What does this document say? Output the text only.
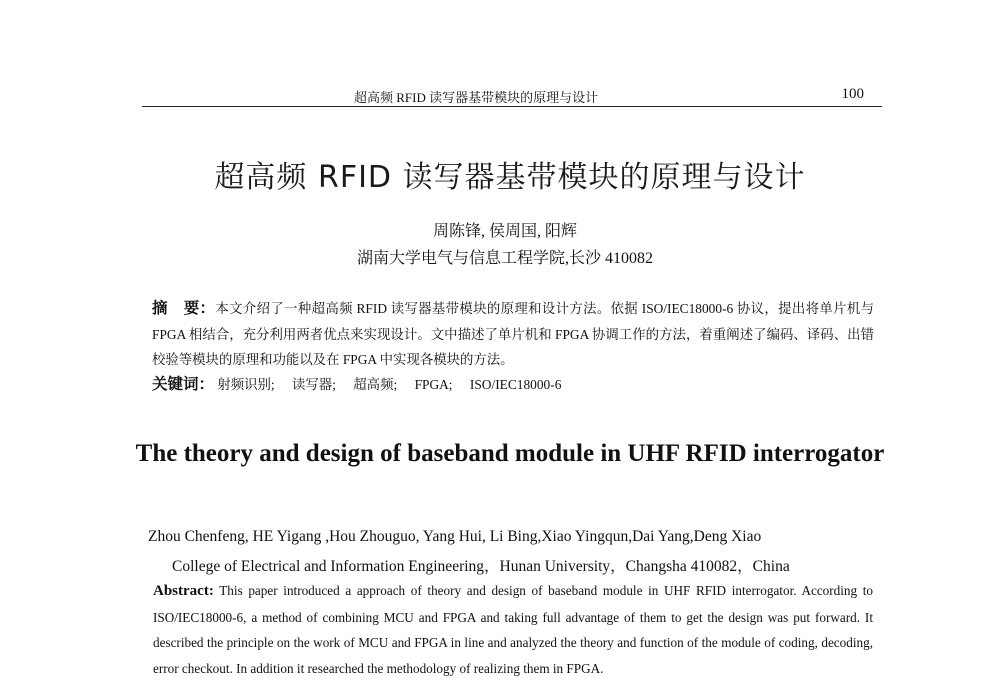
超高频 RFID 读写器基带模块的原理与设计	100
超高频 RFID 读写器基带模块的原理与设计
周陈锋, 侯周国, 阳辉
湖南大学电气与信息工程学院,长沙 410082
摘　要：本文介绍了一种超高频 RFID 读写器基带模块的原理和设计方法。依据 ISO/IEC18000-6 协议，提出将单片机与 FPGA 相结合，充分利用两者优点来实现设计。文中描述了单片机和 FPGA 协调工作的方法，着重阐述了编码、译码、出错校验等模块的原理和功能以及在 FPGA 中实现各模块的方法。
关键词： 射频识别; 读写器; 超高频; FPGA; ISO/IEC18000-6
The theory and design of baseband module in UHF RFID interrogator
Zhou Chenfeng, HE Yigang ,Hou Zhouguo, Yang Hui, Li Bing,Xiao Yingqun,Dai Yang,Deng Xiao
College of Electrical and Information Engineering，Hunan University，Changsha 410082，China
Abstract: This paper introduced a approach of theory and design of baseband module in UHF RFID interrogator. According to ISO/IEC18000-6, a method of combining MCU and FPGA and taking full advantage of them to get the design was put forward. It described the principle on the work of MCU and FPGA in line and analyzed the theory and function of the module of coding, decoding, error checkout. In addition it researched the methodology of realizing them in FPGA.
